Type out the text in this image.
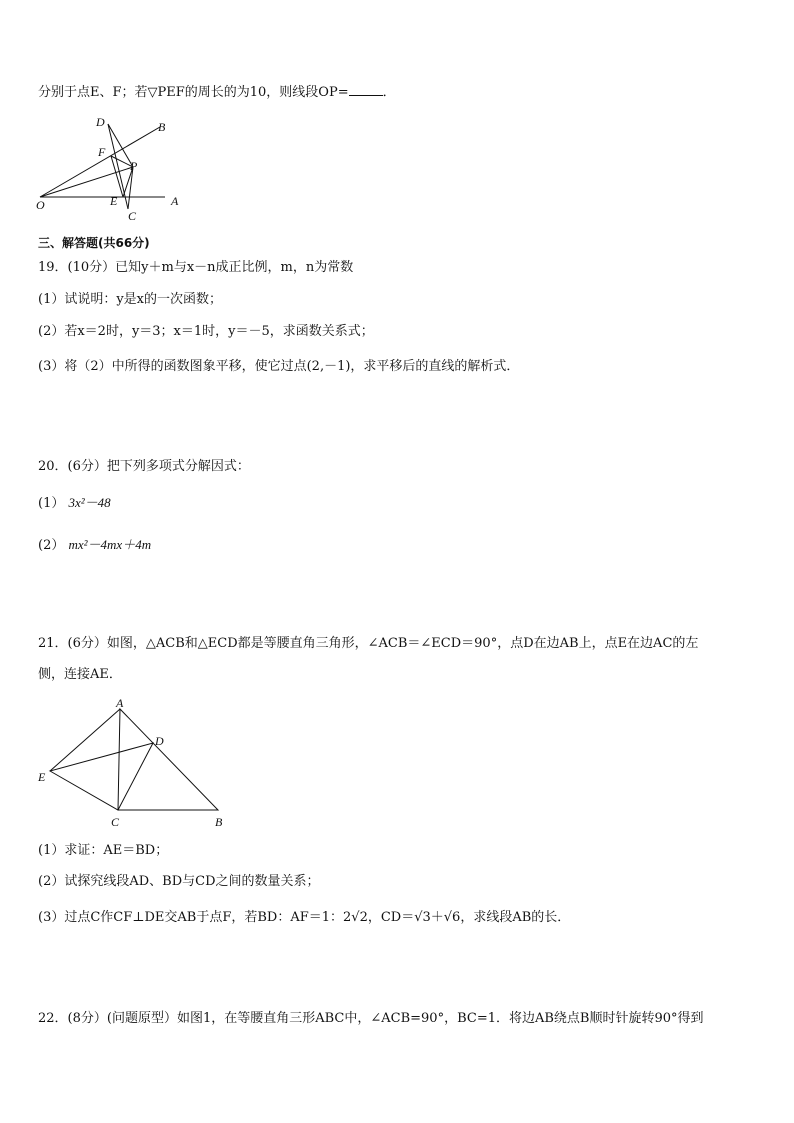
分别于点E、F；若▽PEF的周长的为10，则线段OP=	．
D	B
F
P
O	E
C
A
三、解答题(共66分)
19．(10分）已知y＋m与x－n成正比例，m，n为常数
(1）试说明：y是x的一次函数；
(2）若x＝2时，y＝3；x＝1时，y＝－5，求函数关系式；
(3）将（2）中所得的函数图象平移，使它过点(2,－1)，求平移后的直线的解析式．
20．(6分）把下列多项式分解因式：
(1） 3x²－48
(2） mx²－4mx＋4m
21．(6分）如图，△ACB和△ECD都是等腰直角三角形，∠ACB＝∠ECD＝90°，点D在边AB上，点E在边AC的左
侧，连接AE．
A
D
E
C	B
(1）求证：AE＝BD；
(2）试探究线段AD、BD与CD之间的数量关系；
(3）过点C作CF⊥DE交AB于点F，若BD：AF＝1：2√2，CD＝√3＋√6，求线段AB的长．
22．(8分）(问题原型）如图1，在等腰直角三形ABC中，∠ACB=90°，BC=1．将边AB绕点B顺时针旋转90°得到
